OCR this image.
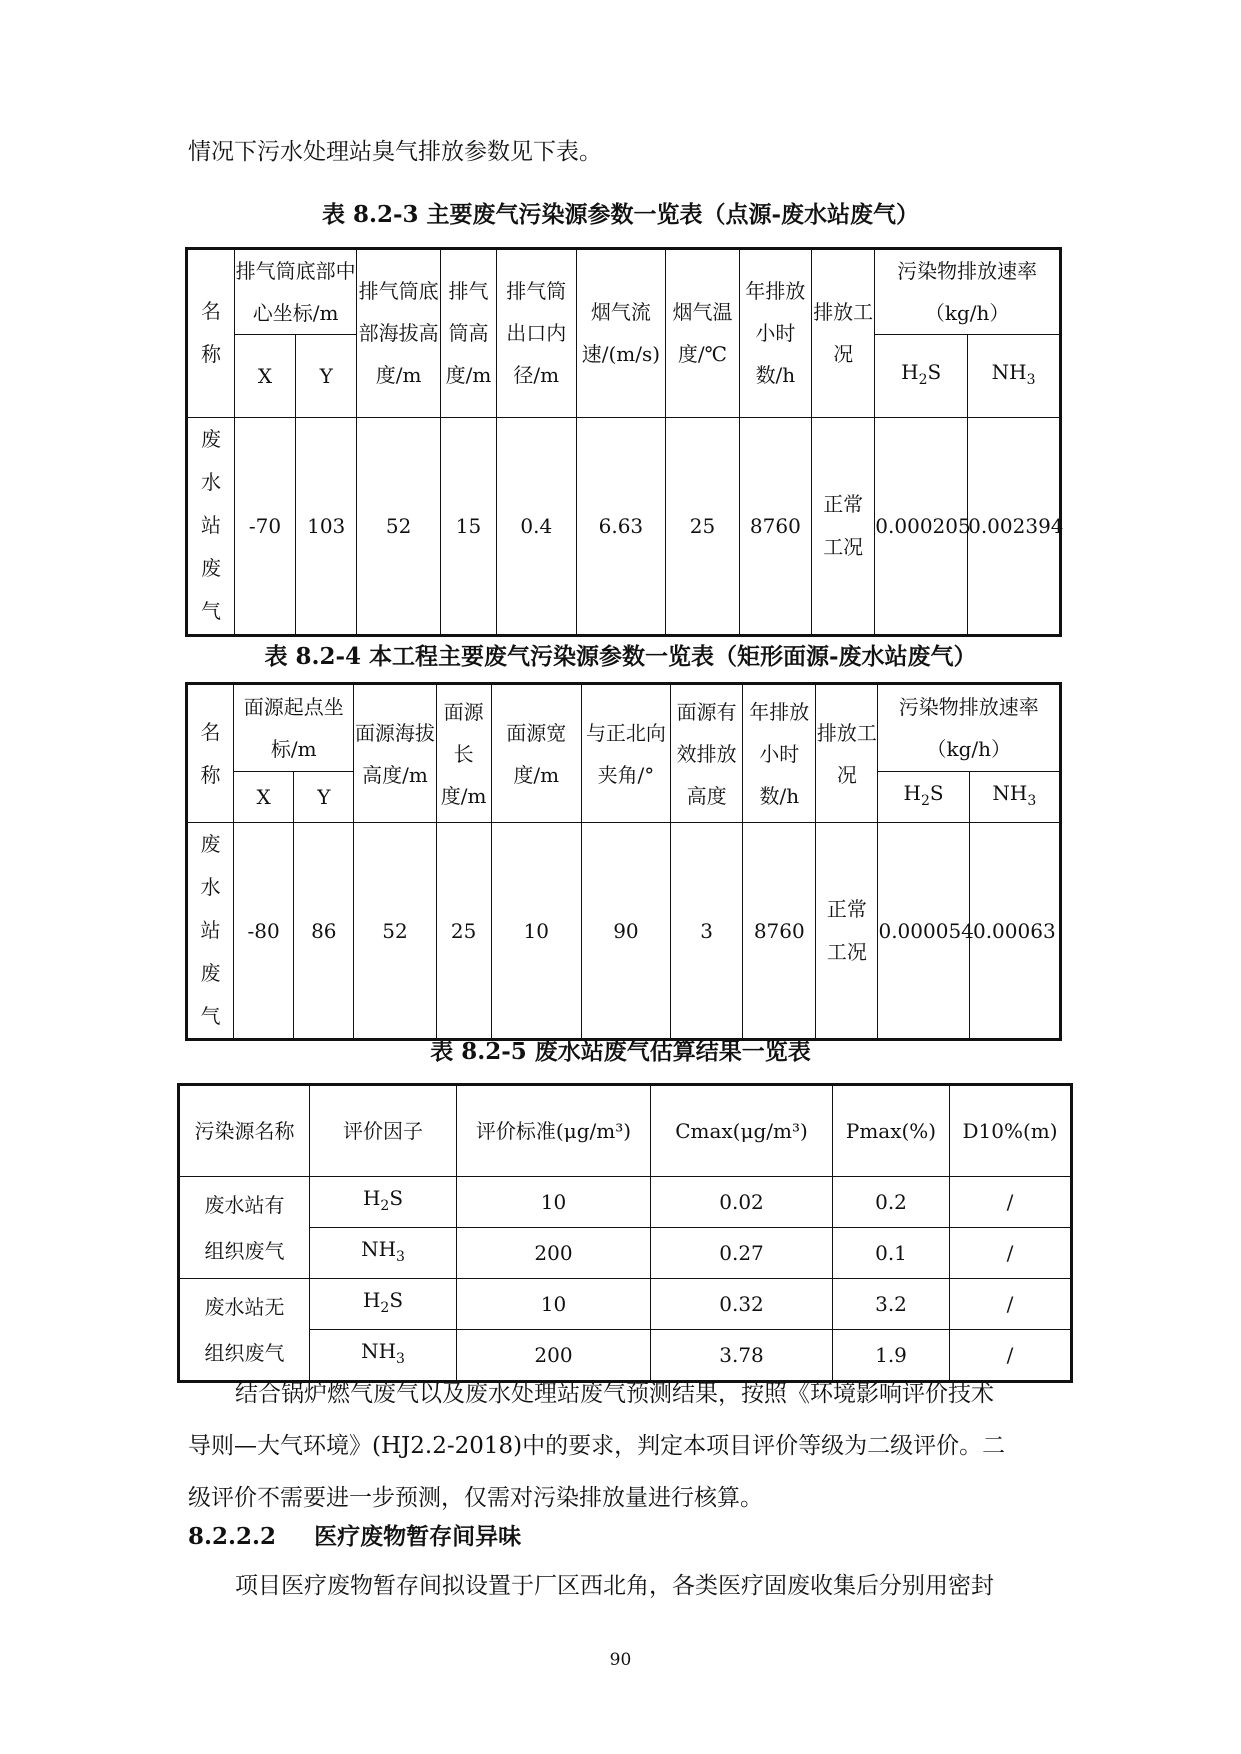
情况下污水处理站臭气排放参数见下表。
表 8.2-3 主要废气污染源参数一览表（点源-废水站废气）
名称	排气筒底部中心坐标/m		排气筒底部海拔高度/m	排气筒高度/m	排气筒出口内径/m	烟气流速/(m/s)	烟气温度/℃	年排放小时数/h	排放工况	污染物排放速率（kg/h）	
	X	Y								$H_2S$	$NH_3$
废水站废气	-70	103	52	15	0.4	6.63	25	8760	正常工况	0.000205	0.002394
表 8.2-4 本工程主要废气污染源参数一览表（矩形面源-废水站废气）
名称	面源起点坐标/m		面源海拔高度/m	面源长度/m	面源宽度/m	与正北向夹角/°	面源有效排放高度	年排放小时数/h	排放工况	污染物排放速率（kg/h）	
	X	Y								$H_2S$	$NH_3$
废水站废气	-80	86	52	25	10	90	3	8760	正常工况	0.000054	0.00063
表 8.2-5 废水站废气估算结果一览表
污染源名称	评价因子	评价标准(μg/m³)	Cmax(μg/m³)	Pmax(%)	D10%(m)
废水站有
组织废气	$H_2S$	10	0.02	0.2	/
	$NH_3$	200	0.27	0.1	/
废水站无
组织废气	$H_2S$	10	0.32	3.2	/
	$NH_3$	200	3.78	1.9	/
结合锅炉燃气废气以及废水处理站废气预测结果，按照《环境影响评价技术
导则—大气环境》(HJ2.2-2018)中的要求，判定本项目评价等级为二级评价。二
级评价不需要进一步预测，仅需对污染排放量进行核算。
8.2.2.2 医疗废物暂存间异味
项目医疗废物暂存间拟设置于厂区西北角，各类医疗固废收集后分别用密封
90
